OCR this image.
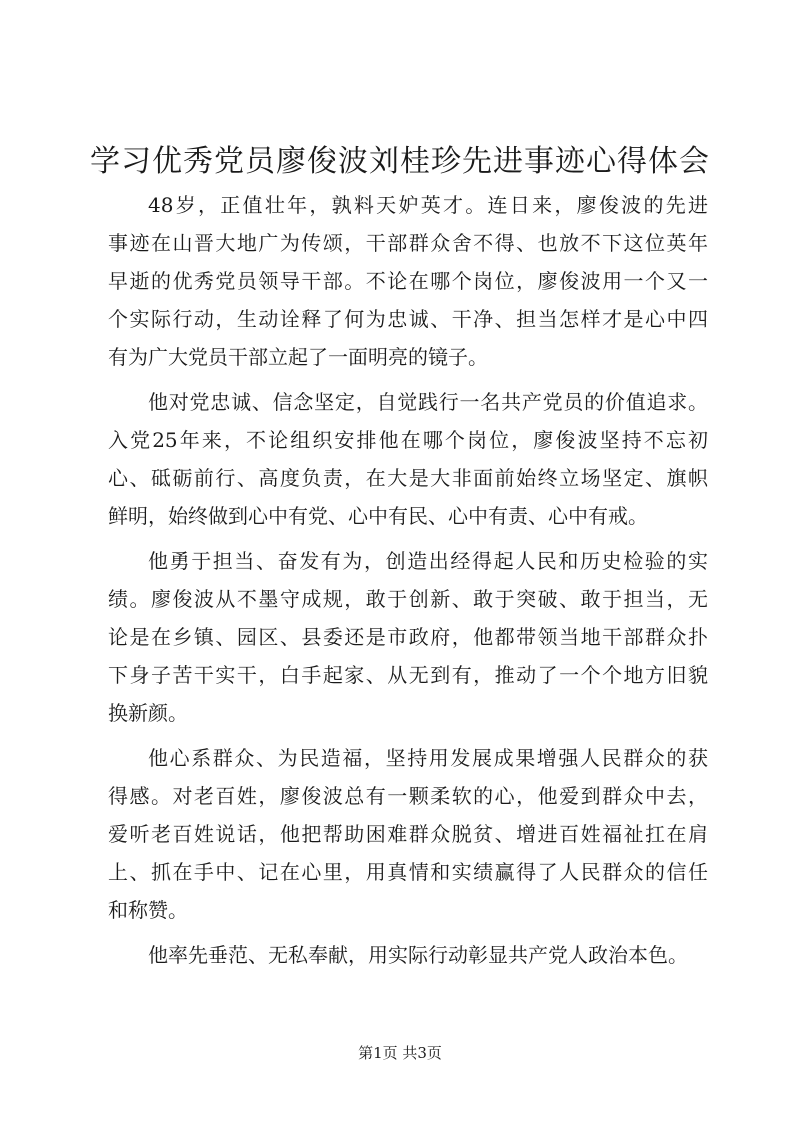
学习优秀党员廖俊波刘桂珍先进事迹心得体会
48岁，正值壮年，孰料天妒英才。连日来，廖俊波的先进
事迹在山晋大地广为传颂，干部群众舍不得、也放不下这位英年
早逝的优秀党员领导干部。不论在哪个岗位，廖俊波用一个又一
个实际行动，生动诠释了何为忠诚、干净、担当怎样才是心中四
有为广大党员干部立起了一面明亮的镜子。
他对党忠诚、信念坚定，自觉践行一名共产党员的价值追求。
入党25年来，不论组织安排他在哪个岗位，廖俊波坚持不忘初
心、砥砺前行、高度负责，在大是大非面前始终立场坚定、旗帜
鲜明，始终做到心中有党、心中有民、心中有责、心中有戒。
他勇于担当、奋发有为，创造出经得起人民和历史检验的实
绩。廖俊波从不墨守成规，敢于创新、敢于突破、敢于担当，无
论是在乡镇、园区、县委还是市政府，他都带领当地干部群众扑
下身子苦干实干，白手起家、从无到有，推动了一个个地方旧貌
换新颜。
他心系群众、为民造福，坚持用发展成果增强人民群众的获
得感。对老百姓，廖俊波总有一颗柔软的心，他爱到群众中去，
爱听老百姓说话，他把帮助困难群众脱贫、增进百姓福祉扛在肩
上、抓在手中、记在心里，用真情和实绩赢得了人民群众的信任
和称赞。
他率先垂范、无私奉献，用实际行动彰显共产党人政治本色。
第1页 共3页
